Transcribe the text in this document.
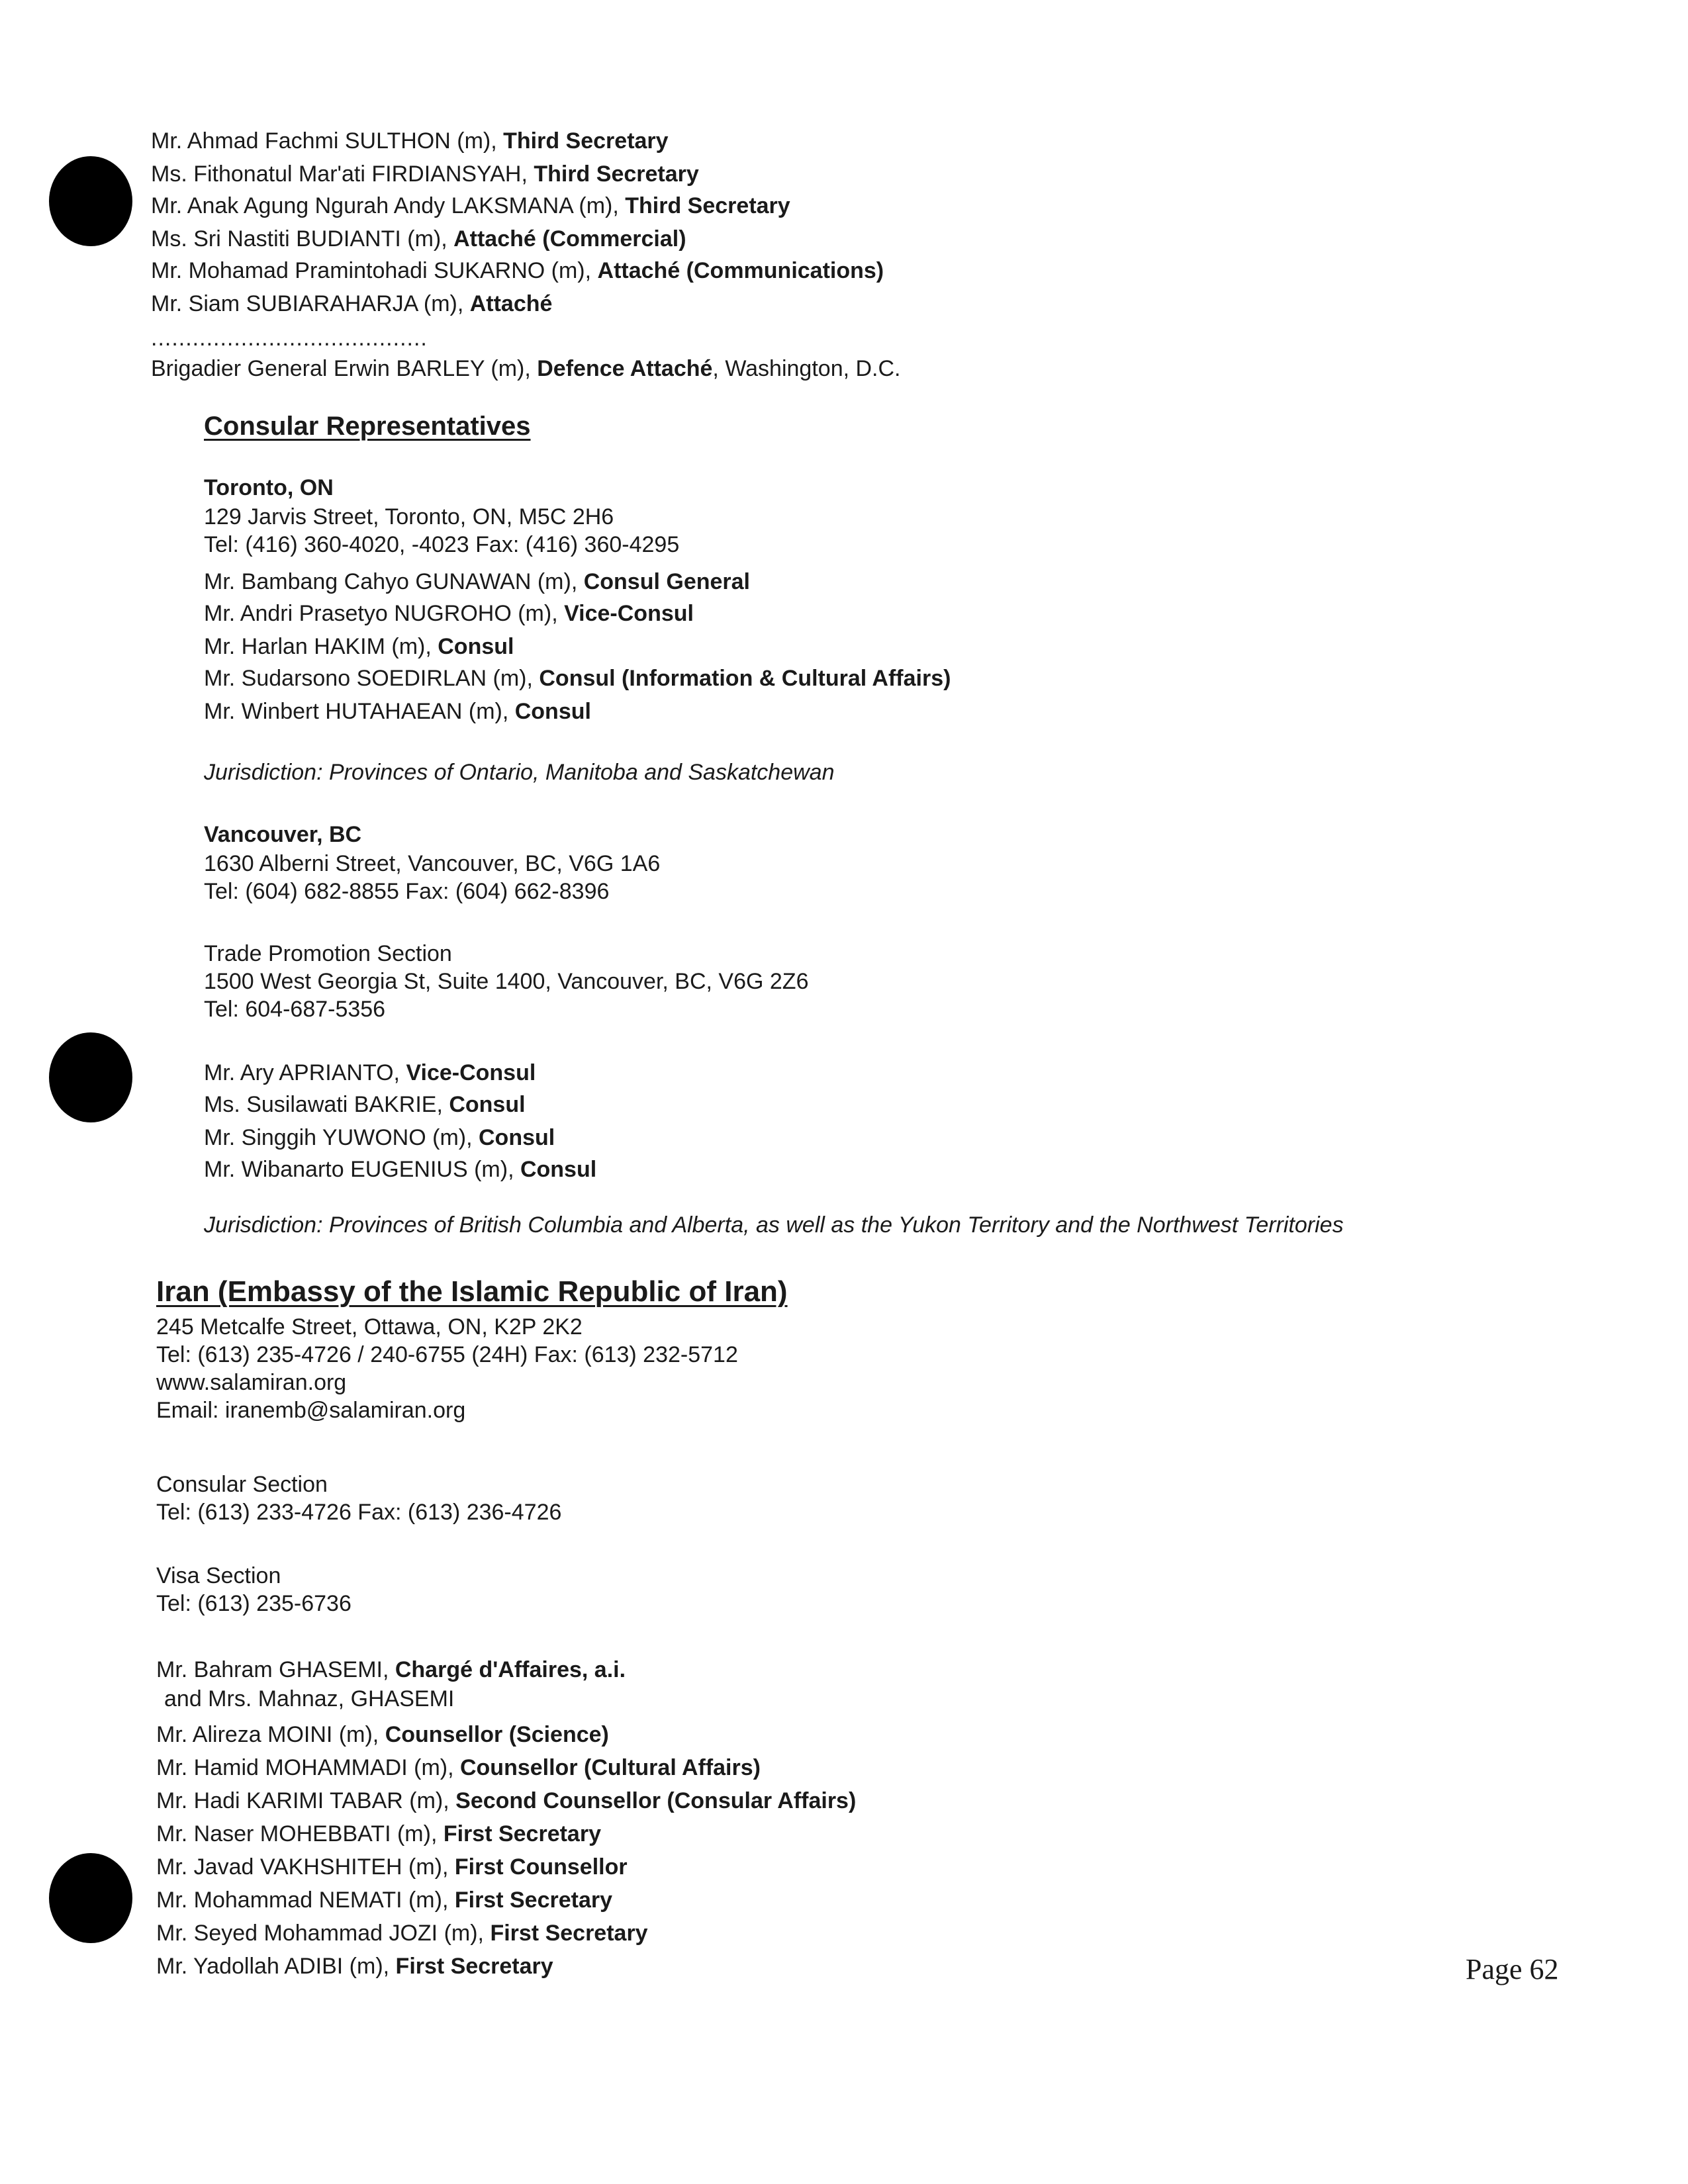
Mr. Ahmad Fachmi SULTHON (m), Third Secretary
Ms. Fithonatul Mar'ati FIRDIANSYAH, Third Secretary
Mr. Anak Agung Ngurah Andy LAKSMANA (m), Third Secretary
Ms. Sri Nastiti BUDIANTI (m), Attaché (Commercial)
Mr. Mohamad Pramintohadi SUKARNO (m), Attaché (Communications)
Mr. Siam SUBIARAHARJA (m), Attaché
........................................
Brigadier General Erwin BARLEY (m), Defence Attaché, Washington, D.C.
Consular Representatives
Toronto, ON
129 Jarvis Street, Toronto, ON, M5C 2H6
Tel: (416) 360-4020, -4023 Fax: (416) 360-4295
Mr. Bambang Cahyo GUNAWAN (m), Consul General
Mr. Andri Prasetyo NUGROHO (m), Vice-Consul
Mr. Harlan HAKIM (m), Consul
Mr. Sudarsono SOEDIRLAN (m), Consul (Information & Cultural Affairs)
Mr. Winbert HUTAHAEAN (m), Consul
Jurisdiction: Provinces of Ontario, Manitoba and Saskatchewan
Vancouver, BC
1630 Alberni Street, Vancouver, BC, V6G 1A6
Tel: (604) 682-8855 Fax: (604) 662-8396
Trade Promotion Section
1500 West Georgia St, Suite 1400, Vancouver, BC, V6G 2Z6
Tel: 604-687-5356
Mr. Ary APRIANTO, Vice-Consul
Ms. Susilawati BAKRIE, Consul
Mr. Singgih YUWONO (m), Consul
Mr. Wibanarto EUGENIUS (m), Consul
Jurisdiction: Provinces of British Columbia and Alberta, as well as the Yukon Territory and the Northwest Territories
Iran (Embassy of the Islamic Republic of Iran)
245 Metcalfe Street, Ottawa, ON, K2P 2K2
Tel: (613) 235-4726 / 240-6755 (24H) Fax: (613) 232-5712
www.salamiran.org
Email: iranemb@salamiran.org
Consular Section
Tel: (613) 233-4726 Fax: (613) 236-4726
Visa Section
Tel: (613) 235-6736
Mr. Bahram GHASEMI, Chargé d'Affaires, a.i.
and Mrs. Mahnaz, GHASEMI
Mr. Alireza MOINI (m), Counsellor (Science)
Mr. Hamid MOHAMMADI (m), Counsellor (Cultural Affairs)
Mr. Hadi KARIMI TABAR (m), Second Counsellor (Consular Affairs)
Mr. Naser MOHEBBATI (m), First Secretary
Mr. Javad VAKHSHITEH (m), First Counsellor
Mr. Mohammad NEMATI (m), First Secretary
Mr. Seyed Mohammad JOZI (m), First Secretary
Mr. Yadollah ADIBI (m), First Secretary	Page 62
